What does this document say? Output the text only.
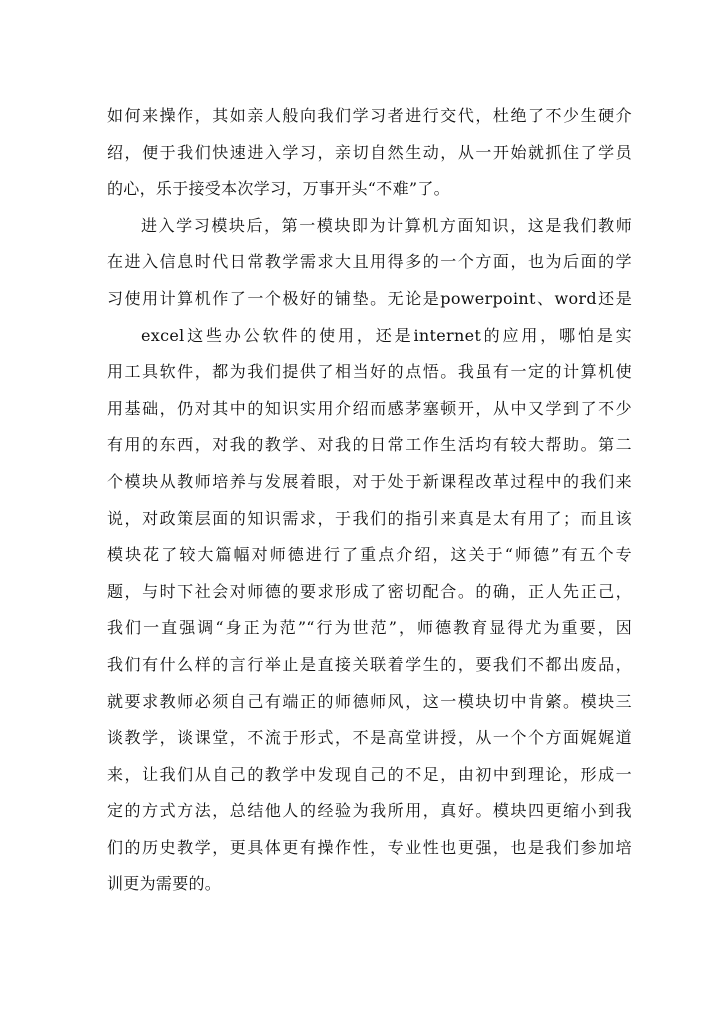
如何来操作，其如亲人般向我们学习者进行交代，杜绝了不少生硬介
绍，便于我们快速进入学习，亲切自然生动，从一开始就抓住了学员
的心，乐于接受本次学习，万事开头“不难”了。
进入学习模块后，第一模块即为计算机方面知识，这是我们教师
在进入信息时代日常教学需求大且用得多的一个方面，也为后面的学
习使用计算机作了一个极好的铺垫。无论是powerpoint、word还是
excel这些办公软件的使用，还是internet的应用，哪怕是实
用工具软件，都为我们提供了相当好的点悟。我虽有一定的计算机使
用基础，仍对其中的知识实用介绍而感茅塞顿开，从中又学到了不少
有用的东西，对我的教学、对我的日常工作生活均有较大帮助。第二
个模块从教师培养与发展着眼，对于处于新课程改革过程中的我们来
说，对政策层面的知识需求，于我们的指引来真是太有用了；而且该
模块花了较大篇幅对师德进行了重点介绍，这关于“师德”有五个专
题，与时下社会对师德的要求形成了密切配合。的确，正人先正己，
我们一直强调“身正为范”“行为世范”，师德教育显得尤为重要，因
我们有什么样的言行举止是直接关联着学生的，要我们不都出废品，
就要求教师必须自己有端正的师德师风，这一模块切中肯綮。模块三
谈教学，谈课堂，不流于形式，不是高堂讲授，从一个个方面娓娓道
来，让我们从自己的教学中发现自己的不足，由初中到理论，形成一
定的方式方法，总结他人的经验为我所用，真好。模块四更缩小到我
们的历史教学，更具体更有操作性，专业性也更强，也是我们参加培
训更为需要的。
